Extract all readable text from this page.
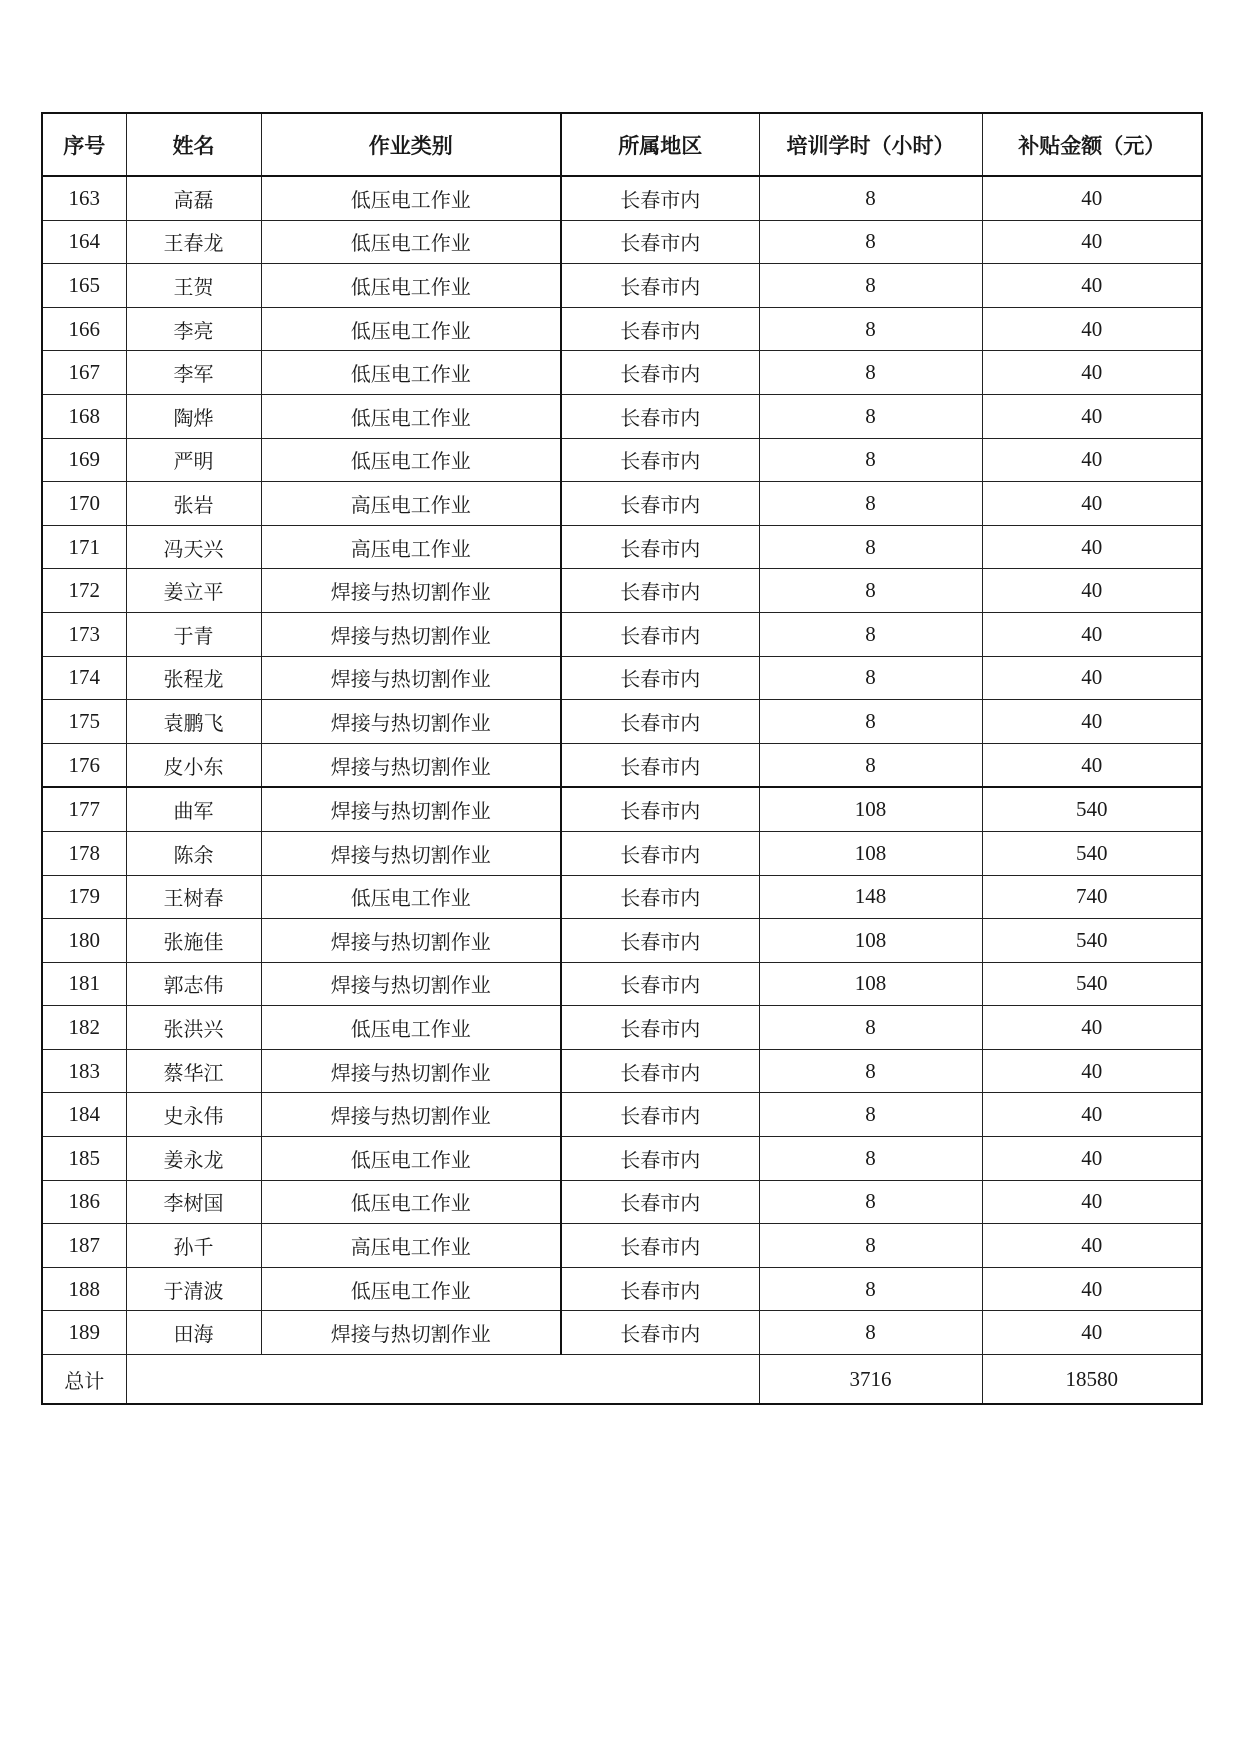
序号	姓名	作业类别	所属地区	培训学时（小时）	补贴金额（元）
163	高磊	低压电工作业	长春市内	8	40
164	王春龙	低压电工作业	长春市内	8	40
165	王贺	低压电工作业	长春市内	8	40
166	李亮	低压电工作业	长春市内	8	40
167	李军	低压电工作业	长春市内	8	40
168	陶烨	低压电工作业	长春市内	8	40
169	严明	低压电工作业	长春市内	8	40
170	张岩	高压电工作业	长春市内	8	40
171	冯天兴	高压电工作业	长春市内	8	40
172	姜立平	焊接与热切割作业	长春市内	8	40
173	于青	焊接与热切割作业	长春市内	8	40
174	张程龙	焊接与热切割作业	长春市内	8	40
175	袁鹏飞	焊接与热切割作业	长春市内	8	40
176	皮小东	焊接与热切割作业	长春市内	8	40
177	曲军	焊接与热切割作业	长春市内	108	540
178	陈余	焊接与热切割作业	长春市内	108	540
179	王树春	低压电工作业	长春市内	148	740
180	张施佳	焊接与热切割作业	长春市内	108	540
181	郭志伟	焊接与热切割作业	长春市内	108	540
182	张洪兴	低压电工作业	长春市内	8	40
183	蔡华江	焊接与热切割作业	长春市内	8	40
184	史永伟	焊接与热切割作业	长春市内	8	40
185	姜永龙	低压电工作业	长春市内	8	40
186	李树国	低压电工作业	长春市内	8	40
187	孙千	高压电工作业	长春市内	8	40
188	于清波	低压电工作业	长春市内	8	40
189	田海	焊接与热切割作业	长春市内	8	40
总计				3716	18580
